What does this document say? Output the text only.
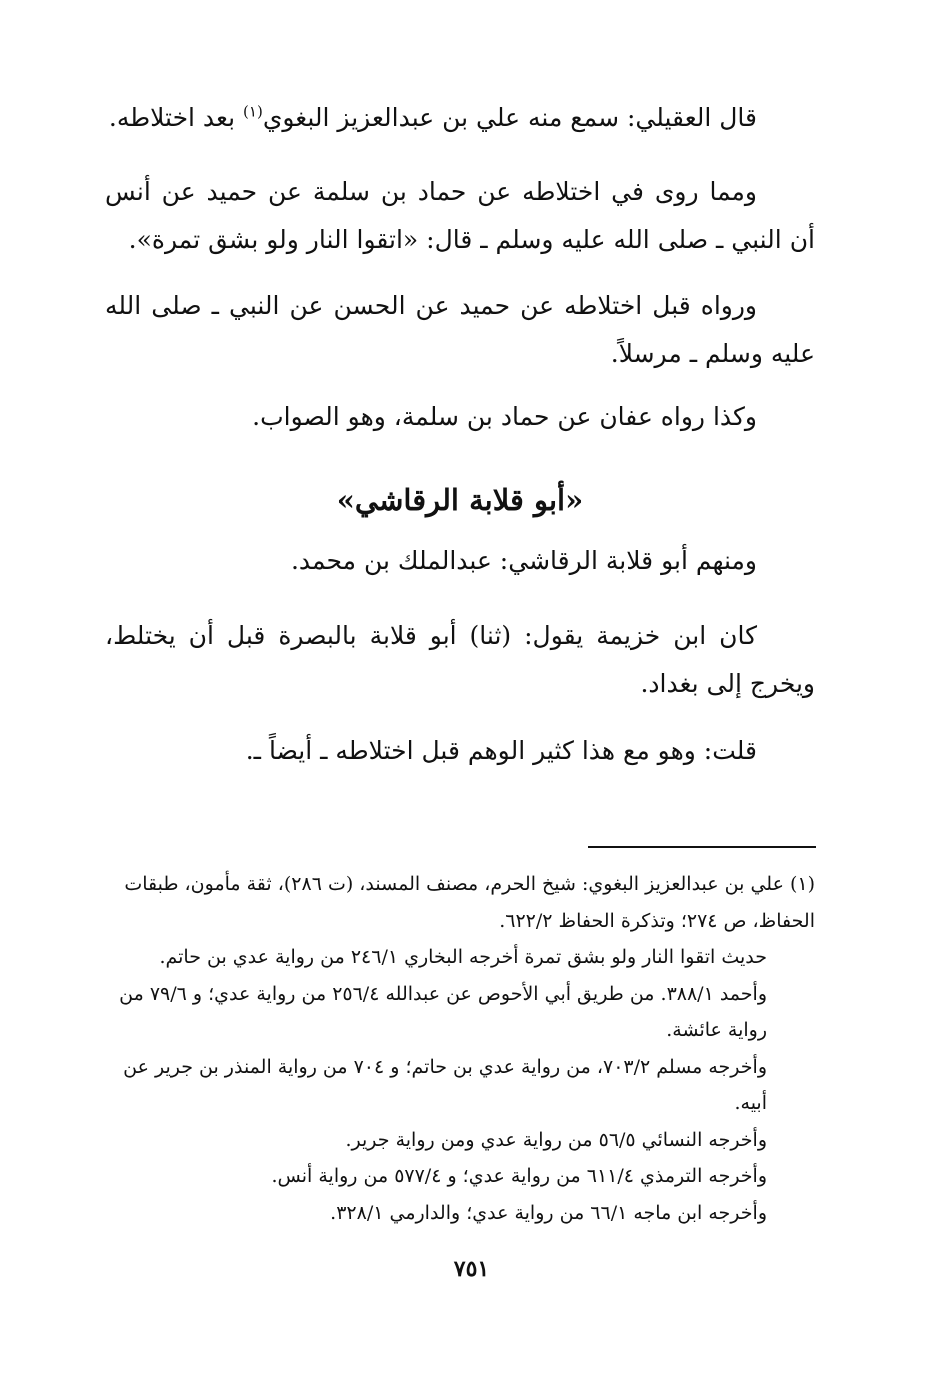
قال العقيلي: سمع منه علي بن عبدالعزيز البغوي$^{(١)}$ بعد اختلاطه.
ومما روى في اختلاطه عن حماد بن سلمة عن حميد عن أنس أن النبي ـ صلى الله عليه وسلم ـ قال: «اتقوا النار ولو بشق تمرة».
ورواه قبل اختلاطه عن حميد عن الحسن عن النبي ـ صلى الله عليه وسلم ـ مرسلاً.
وكذا رواه عفان عن حماد بن سلمة، وهو الصواب.
«أبو قلابة الرقاشي»
ومنهم أبو قلابة الرقاشي: عبدالملك بن محمد.
كان ابن خزيمة يقول: (ثنا) أبو قلابة بالبصرة قبل أن يختلط، ويخرج إلى بغداد.
قلت: وهو مع هذا كثير الوهم قبل اختلاطه ـ أيضاً ـ.
(١) علي بن عبدالعزيز البغوي: شيخ الحرم، مصنف المسند، (ت ٢٨٦)، ثقة مأمون، طبقات الحفاظ، ص ٢٧٤؛ وتذكرة الحفاظ ٦٢٢/٢.
حديث اتقوا النار ولو بشق تمرة أخرجه البخاري ٢٤٦/١ من رواية عدي بن حاتم.
وأحمد ٣٨٨/١. من طريق أبي الأحوص عن عبدالله ٢٥٦/٤ من رواية عدي؛ و ٧٩/٦ من رواية عائشة.
وأخرجه مسلم ٧٠٣/٢، من رواية عدي بن حاتم؛ و ٧٠٤ من رواية المنذر بن جرير عن أبيه.
وأخرجه النسائي ٥٦/٥ من رواية عدي ومن رواية جرير.
وأخرجه الترمذي ٦١١/٤ من رواية عدي؛ و ٥٧٧/٤ من رواية أنس.
وأخرجه ابن ماجه ٦٦/١ من رواية عدي؛ والدارمي ٣٢٨/١.
٧٥١
